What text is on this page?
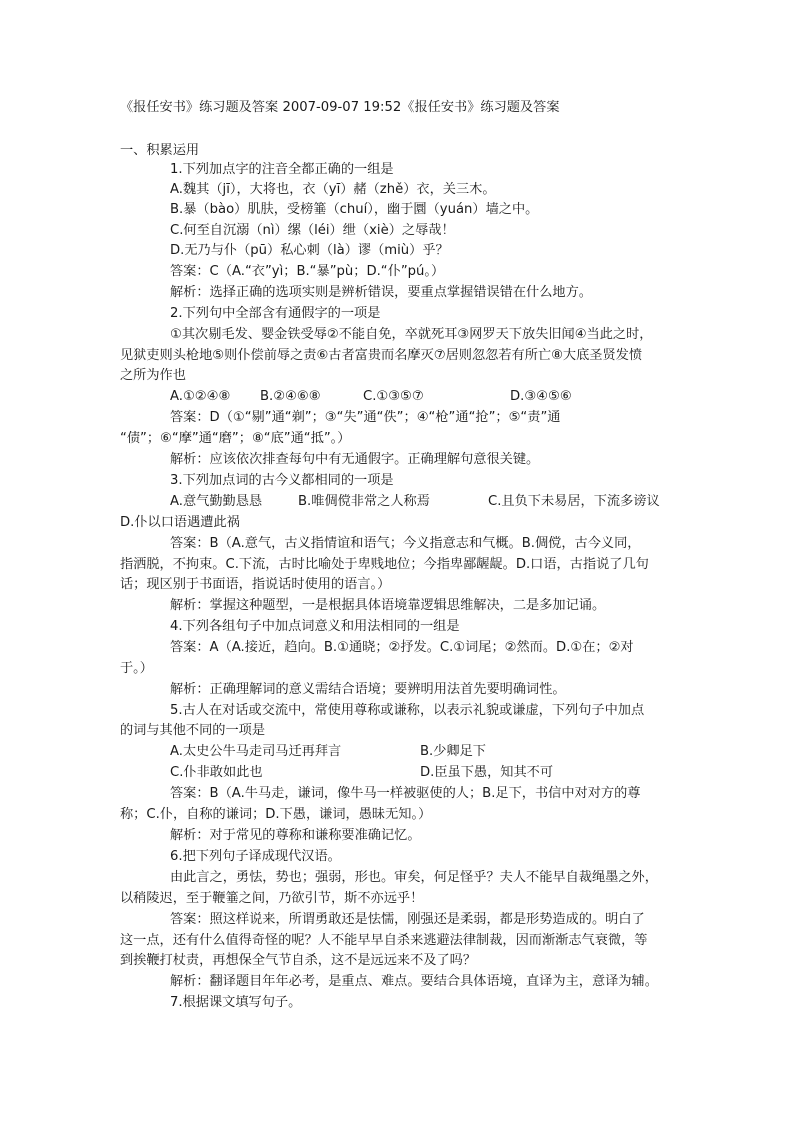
《报任安书》练习题及答案 2007-09-07 19:52《报任安书》练习题及答案
一、积累运用
1.下列加点字的注音全都正确的一组是
A.魏其（jī），大将也，衣（yī）赭（zhě）衣，关三木。
B.暴（bào）肌肤，受榜箠（chuí），幽于圜（yuán）墙之中。
C.何至自沉溺（nì）缧（léi）绁（xiè）之辱哉！
D.无乃与仆（pū）私心刺（là）谬（miù）乎？
答案：C（A.“衣”yì；B.“暴”pù；D.“仆”pú。）
解析：选择正确的选项实则是辨析错误，要重点掌握错误错在什么地方。
2.下列句中全部含有通假字的一项是
①其次剔毛发、婴金铁受辱②不能自免，卒就死耳③网罗天下放失旧闻④当此之时，
见狱吏则头枪地⑤则仆偿前辱之责⑥古者富贵而名摩灭⑦居则忽忽若有所亡⑧大底圣贤发愤
之所为作也
A.①②④⑧ B.②④⑥⑧	C.①③⑤⑦	D.③④⑤⑥
答案：D（①“剔”通“剃”；③“失”通“佚”；④“枪”通“抢”；⑤“责”通
“债”；⑥“摩”通“磨”；⑧“底”通“抵”。）
解析：应该依次排查每句中有无通假字。正确理解句意很关键。
3.下列加点词的古今义都相同的一项是
A.意气勤勤恳恳	B.唯倜傥非常之人称焉	C.且负下未易居，下流多谤议
D.仆以口语遇遭此祸
答案：B（A.意气，古义指情谊和语气；今义指意志和气概。B.倜傥，古今义同，
指洒脱，不拘束。C.下流，古时比喻处于卑贱地位；今指卑鄙龌龊。D.口语，古指说了几句
话；现区别于书面语，指说话时使用的语言。）
解析：掌握这种题型，一是根据具体语境靠逻辑思维解决，二是多加记诵。
4.下列各组句子中加点词意义和用法相同的一组是
答案：A（A.接近，趋向。B.①通晓；②抒发。C.①词尾；②然而。D.①在；②对
于。）
解析：正确理解词的意义需结合语境；要辨明用法首先要明确词性。
5.古人在对话或交流中，常使用尊称或谦称，以表示礼貌或谦虚，下列句子中加点
的词与其他不同的一项是
A.太史公牛马走司马迁再拜言	B.少卿足下
C.仆非敢如此也	D.臣虽下愚，知其不可
答案：B（A.牛马走，谦词，像牛马一样被驱使的人；B.足下，书信中对对方的尊
称；C.仆，自称的谦词；D.下愚，谦词，愚昧无知。）
解析：对于常见的尊称和谦称要准确记忆。
6.把下列句子译成现代汉语。
由此言之，勇怯，势也；强弱，形也。审矣，何足怪乎？夫人不能早自裁绳墨之外，
以稍陵迟，至于鞭箠之间，乃欲引节，斯不亦远乎！
答案：照这样说来，所谓勇敢还是怯懦，刚强还是柔弱，都是形势造成的。明白了
这一点，还有什么值得奇怪的呢？人不能早早自杀来逃避法律制裁，因而渐渐志气衰微，等
到挨鞭打杖责，再想保全气节自杀，这不是远远来不及了吗？
解析：翻译题目年年必考，是重点、难点。要结合具体语境，直译为主，意译为辅。
7.根据课文填写句子。
